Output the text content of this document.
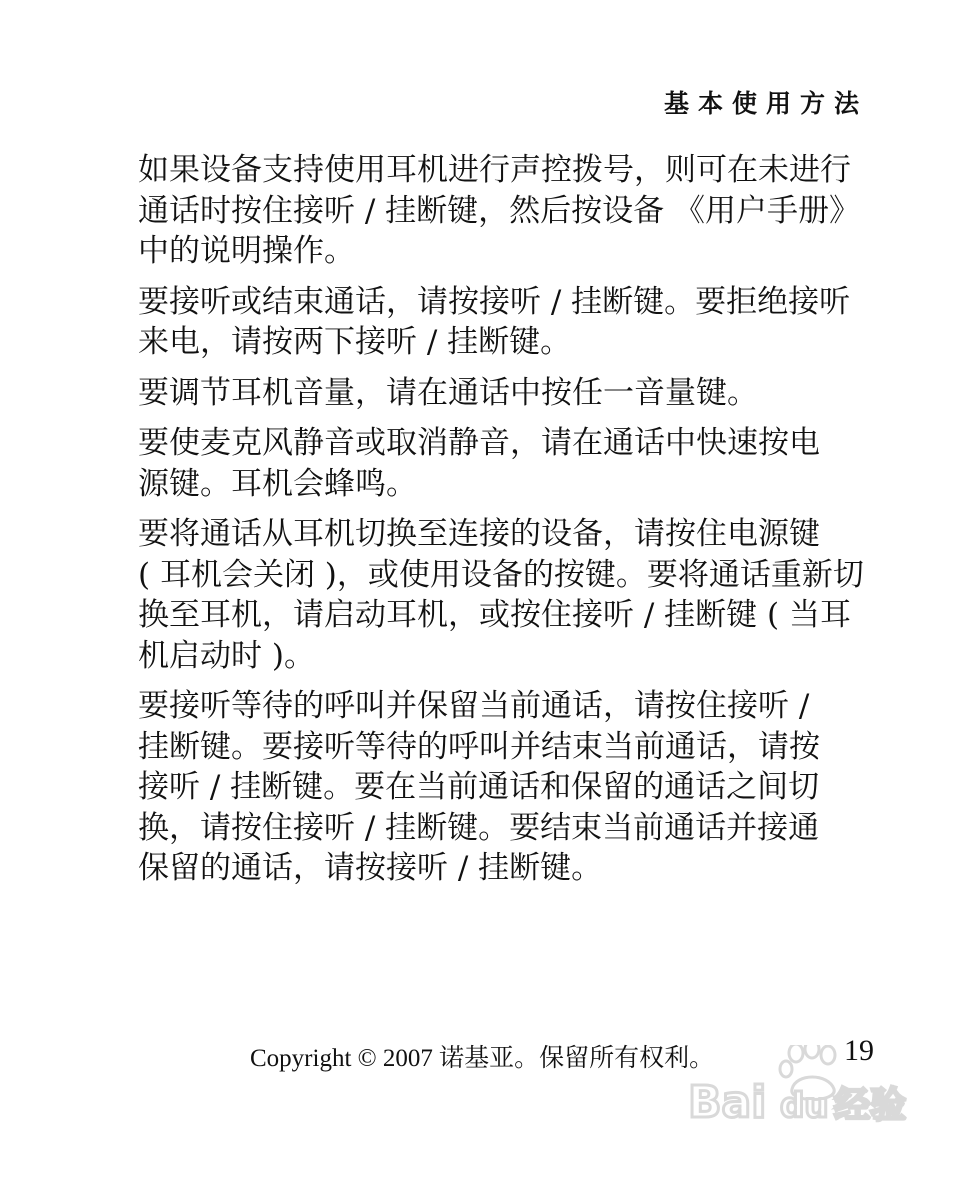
基本使用方法

如果设备支持使用耳机进行声控拨号，则可在未进行
通话时按住接听 / 挂断键，然后按设备 《用户手册》
中的说明操作。

要接听或结束通话，请按接听 / 挂断键。要拒绝接听
来电，请按两下接听 / 挂断键。

要调节耳机音量，请在通话中按任一音量键。

要使麦克风静音或取消静音，请在通话中快速按电
源键。耳机会蜂鸣。

要将通话从耳机切换至连接的设备，请按住电源键
( 耳机会关闭 )，或使用设备的按键。要将通话重新切
换至耳机，请启动耳机，或按住接听 / 挂断键 ( 当耳
机启动时 )。

要接听等待的呼叫并保留当前通话，请按住接听 /
挂断键。要接听等待的呼叫并结束当前通话，请按
接听 / 挂断键。要在当前通话和保留的通话之间切
换，请按住接听 / 挂断键。要结束当前通话并接通
保留的通话，请按接听 / 挂断键。

Copyright © 2007 诺基亚。保留所有权利。	19
Bai du 经验
